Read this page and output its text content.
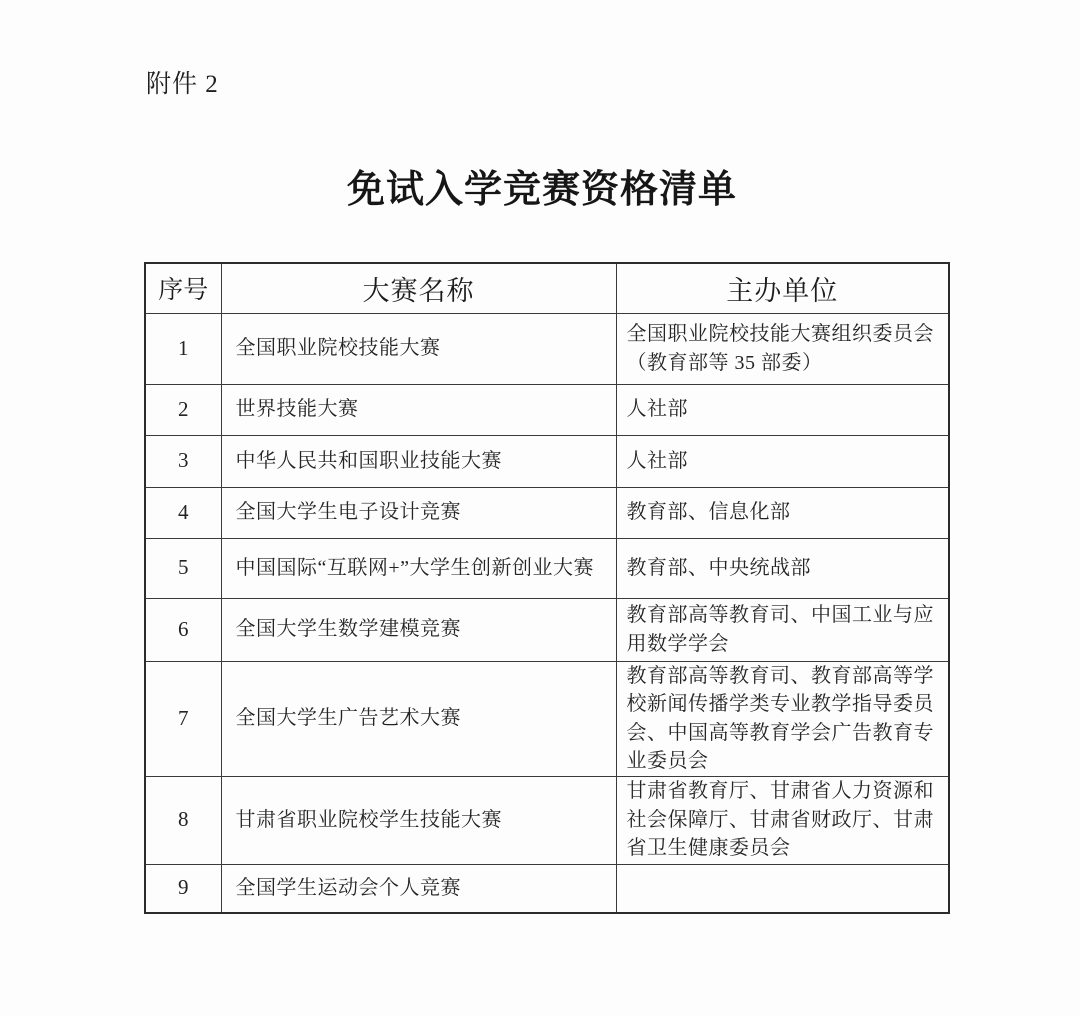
附件 2
免试入学竞赛资格清单
序号	大赛名称	主办单位
1	全国职业院校技能大赛	全国职业院校技能大赛组织委员会（教育部等 35 部委）
2	世界技能大赛	人社部
3	中华人民共和国职业技能大赛	人社部
4	全国大学生电子设计竞赛	教育部、信息化部
5	中国国际“互联网+”大学生创新创业大赛	教育部、中央统战部
6	全国大学生数学建模竞赛	教育部高等教育司、中国工业与应用数学学会
7	全国大学生广告艺术大赛	教育部高等教育司、教育部高等学校新闻传播学类专业教学指导委员会、中国高等教育学会广告教育专业委员会
8	甘肃省职业院校学生技能大赛	甘肃省教育厅、甘肃省人力资源和社会保障厅、甘肃省财政厅、甘肃省卫生健康委员会
9	全国学生运动会个人竞赛	
